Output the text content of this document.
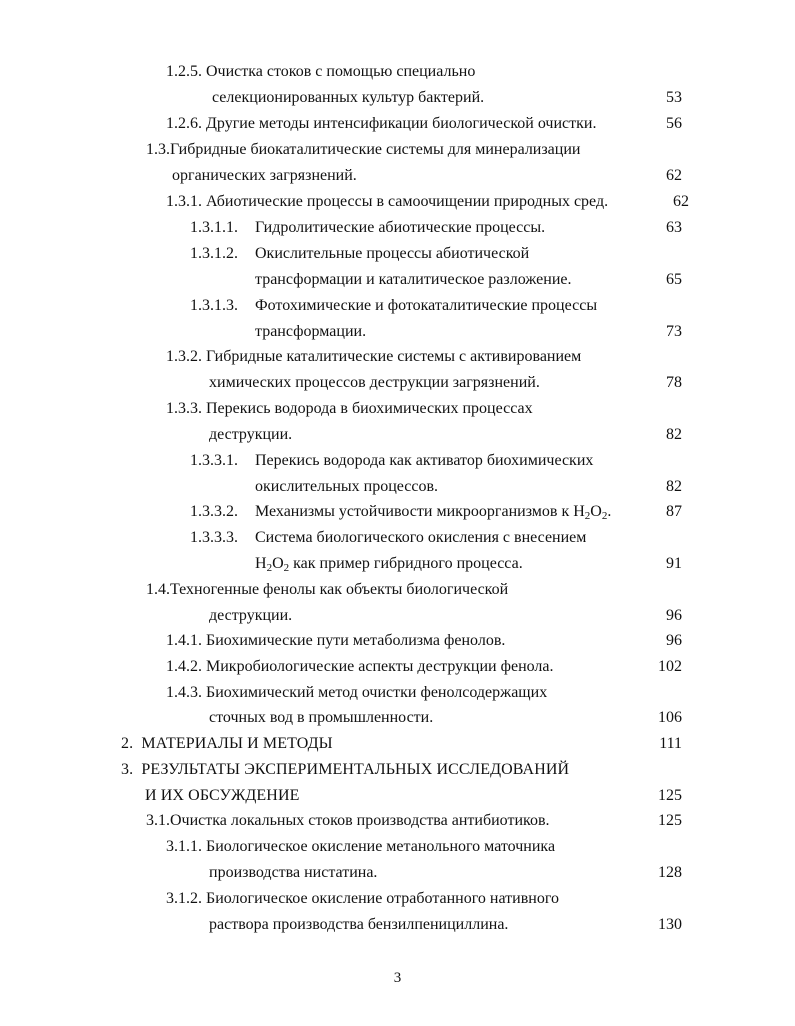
1.2.5. Очистка стоков с помощью специально
селекционированных культур бактерий.	53
1.2.6. Другие методы интенсификации биологической очистки.	56
1.3.Гибридные биокаталитические системы для минерализации
органических загрязнений.	62
1.3.1. Абиотические процессы в самоочищении природных сред.	62
1.3.1.1. Гидролитические абиотические процессы.	63
1.3.1.2. Окислительные процессы абиотической
трансформации и каталитическое разложение.	65
1.3.1.3. Фотохимические и фотокаталитические процессы
трансформации.	73
1.3.2. Гибридные каталитические системы с активированием
химических процессов деструкции загрязнений.	78
1.3.3. Перекись водорода в биохимических процессах
деструкции.	82
1.3.3.1. Перекись водорода как активатор биохимических
окислительных процессов.	82
1.3.3.2. Механизмы устойчивости микроорганизмов к $H_2O_2$.	87
1.3.3.3. Система биологического окисления с внесением
$H_2O_2$ как пример гибридного процесса.	91
1.4.Техногенные фенолы как объекты биологической
деструкции.	96
1.4.1. Биохимические пути метаболизма фенолов.	96
1.4.2. Микробиологические аспекты деструкции фенола.	102
1.4.3. Биохимический метод очистки фенолсодержащих
сточных вод в промышленности.	106
2. МАТЕРИАЛЫ И МЕТОДЫ	111
3. РЕЗУЛЬТАТЫ ЭКСПЕРИМЕНТАЛЬНЫХ ИССЛЕДОВАНИЙ
И ИХ ОБСУЖДЕНИЕ	125
3.1.Очистка локальных стоков производства антибиотиков.	125
3.1.1. Биологическое окисление метанольного маточника
производства нистатина.	128
3.1.2. Биологическое окисление отработанного нативного
раствора производства бензилпенициллина.	130
3
